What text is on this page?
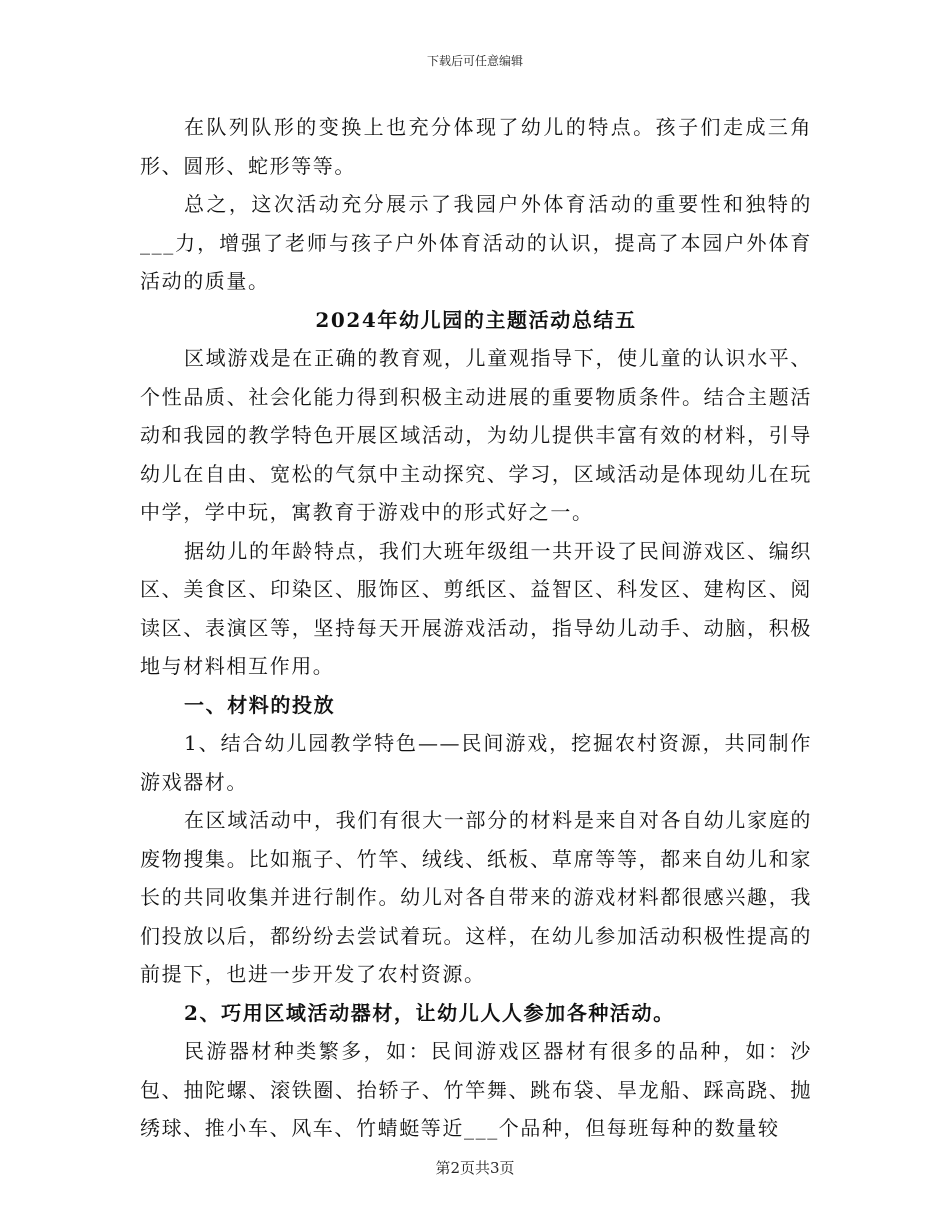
下载后可任意编辑

在队列队形的变换上也充分体现了幼儿的特点。孩子们走成三角形、圆形、蛇形等等。

总之，这次活动充分展示了我园户外体育活动的重要性和独特的___力，增强了老师与孩子户外体育活动的认识，提高了本园户外体育活动的质量。

2024年幼儿园的主题活动总结五

区域游戏是在正确的教育观，儿童观指导下，使儿童的认识水平、个性品质、社会化能力得到积极主动进展的重要物质条件。结合主题活动和我园的教学特色开展区域活动，为幼儿提供丰富有效的材料，引导幼儿在自由、宽松的气氛中主动探究、学习，区域活动是体现幼儿在玩中学，学中玩，寓教育于游戏中的形式好之一。

据幼儿的年龄特点，我们大班年级组一共开设了民间游戏区、编织区、美食区、印染区、服饰区、剪纸区、益智区、科发区、建构区、阅读区、表演区等，坚持每天开展游戏活动，指导幼儿动手、动脑，积极地与材料相互作用。

一、材料的投放

1、结合幼儿园教学特色——民间游戏，挖掘农村资源，共同制作游戏器材。

在区域活动中，我们有很大一部分的材料是来自对各自幼儿家庭的废物搜集。比如瓶子、竹竿、绒线、纸板、草席等等，都来自幼儿和家长的共同收集并进行制作。幼儿对各自带来的游戏材料都很感兴趣，我们投放以后，都纷纷去尝试着玩。这样，在幼儿参加活动积极性提高的前提下，也进一步开发了农村资源。

2、巧用区域活动器材，让幼儿人人参加各种活动。

民游器材种类繁多，如：民间游戏区器材有很多的品种，如：沙包、抽陀螺、滚铁圈、抬轿子、竹竿舞、跳布袋、旱龙船、踩高跷、抛绣球、推小车、风车、竹蜻蜓等近___个品种，但每班每种的数量较

第2页共3页
